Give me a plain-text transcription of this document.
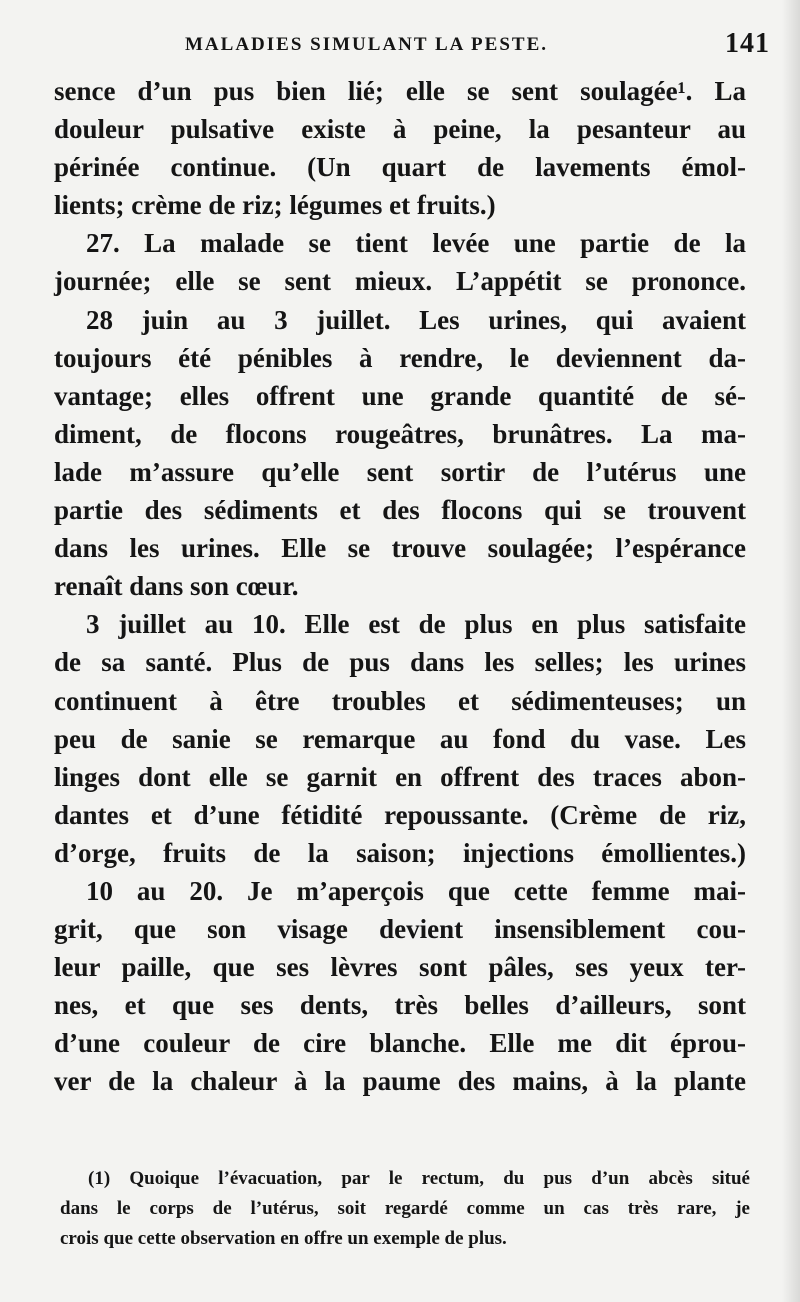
MALADIES SIMULANT LA PESTE.	141
sence d’un pus bien lié; elle se sent soulagée¹. La
douleur pulsative existe à peine, la pesanteur au
périnée continue. (Un quart de lavements émol-
lients; crème de riz; légumes et fruits.)
27. La malade se tient levée une partie de la
journée; elle se sent mieux. L’appétit se prononce.
28 juin au 3 juillet. Les urines, qui avaient
toujours été pénibles à rendre, le deviennent da-
vantage; elles offrent une grande quantité de sé-
diment, de flocons rougeâtres, brunâtres. La ma-
lade m’assure qu’elle sent sortir de l’utérus une
partie des sédiments et des flocons qui se trouvent
dans les urines. Elle se trouve soulagée; l’espérance
renaît dans son cœur.
3 juillet au 10. Elle est de plus en plus satisfaite
de sa santé. Plus de pus dans les selles; les urines
continuent à être troubles et sédimenteuses; un
peu de sanie se remarque au fond du vase. Les
linges dont elle se garnit en offrent des traces abon-
dantes et d’une fétidité repoussante. (Crème de riz,
d’orge, fruits de la saison; injections émollientes.)
10 au 20. Je m’aperçois que cette femme mai-
grit, que son visage devient insensiblement cou-
leur paille, que ses lèvres sont pâles, ses yeux ter-
nes, et que ses dents, très belles d’ailleurs, sont
d’une couleur de cire blanche. Elle me dit éprou-
ver de la chaleur à la paume des mains, à la plante
(1) Quoique l’évacuation, par le rectum, du pus d’un abcès situé
dans le corps de l’utérus, soit regardé comme un cas très rare, je
crois que cette observation en offre un exemple de plus.
